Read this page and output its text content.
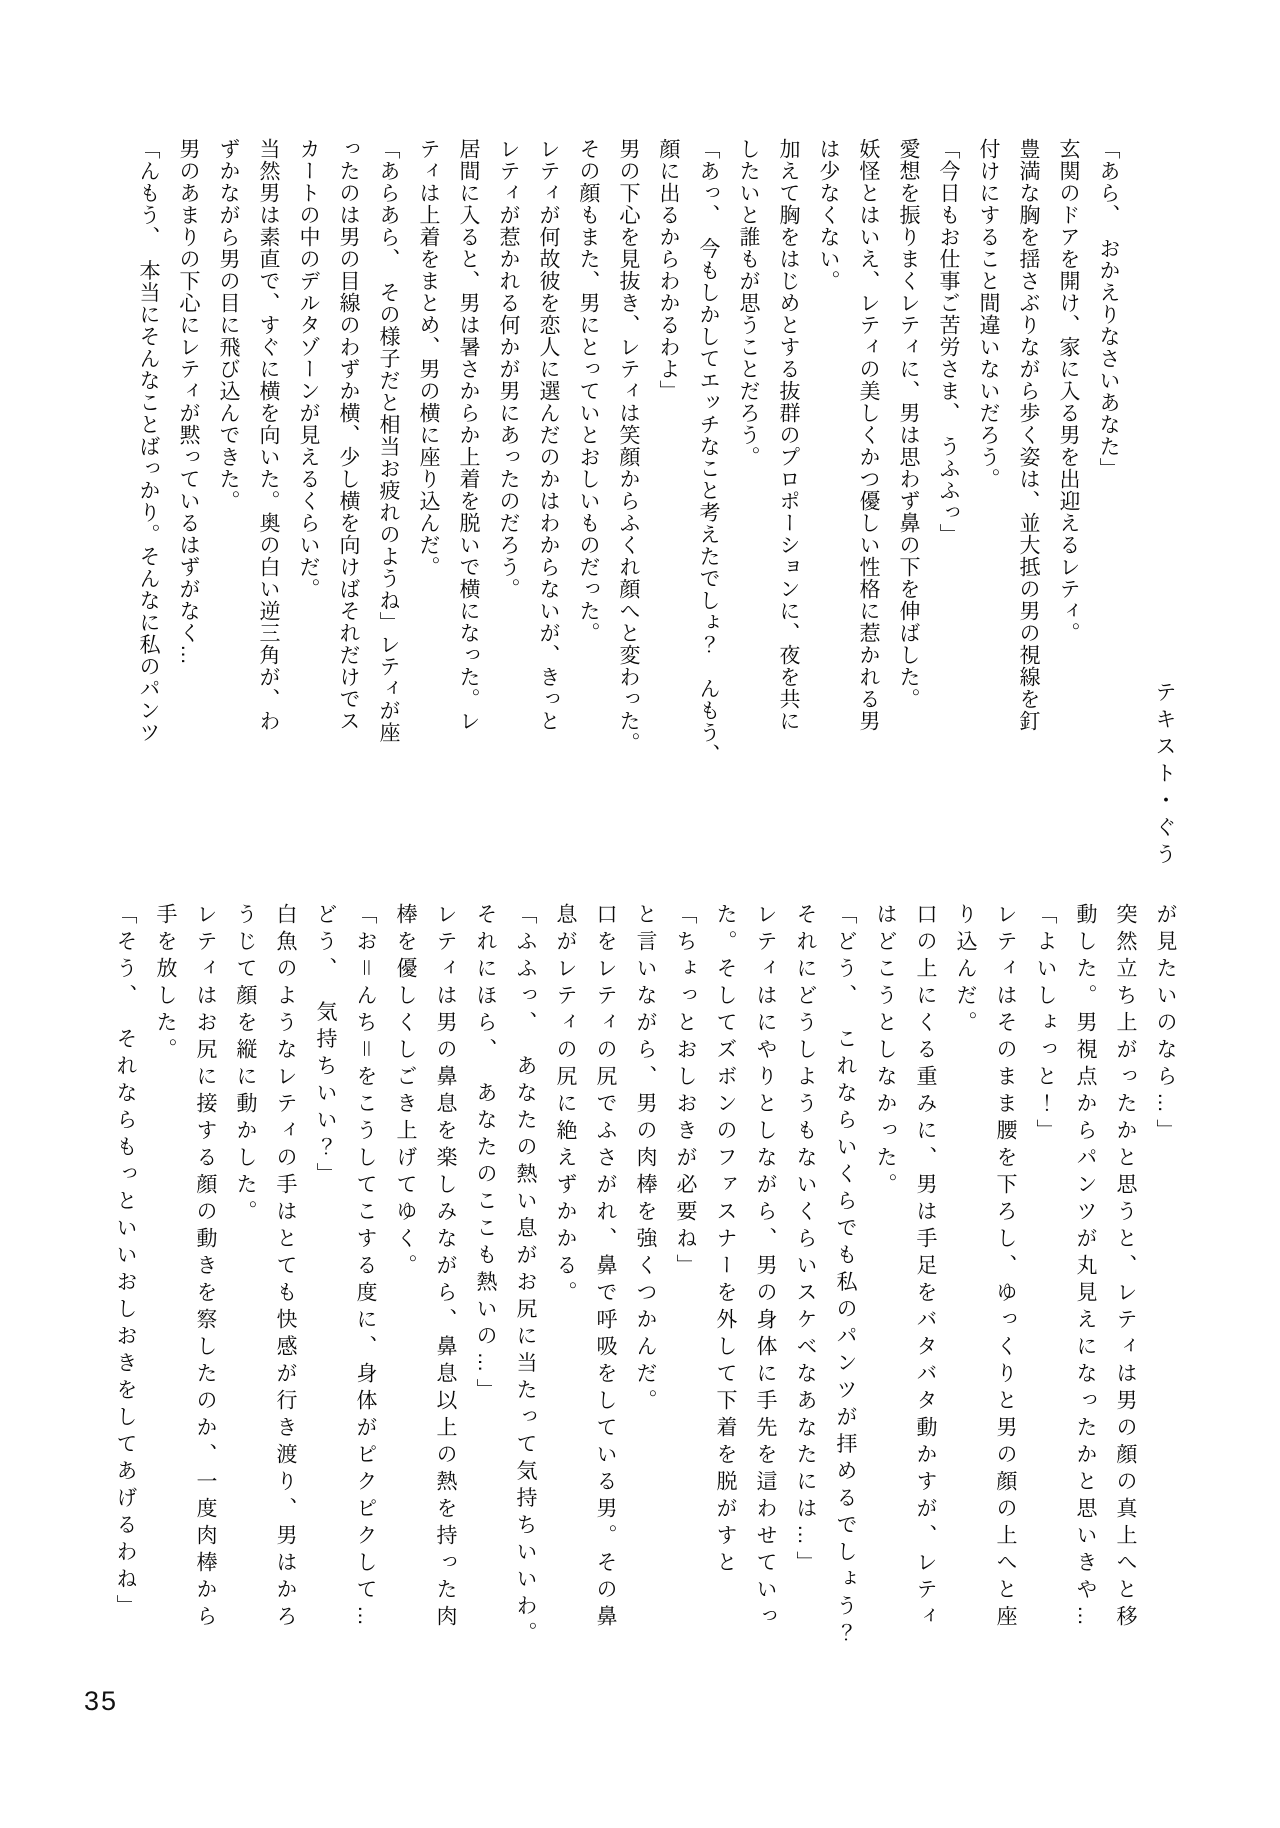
「あら、　おかえりなさいあなた」
玄関のドアを開け、家に入る男を出迎えるレティ。
豊満な胸を揺さぶりながら歩く姿は、並大抵の男の視線を釘
付けにすること間違いないだろう。
「今日もお仕事ご苦労さま、　うふふっ」
愛想を振りまくレティに、男は思わず鼻の下を伸ばした。
妖怪とはいえ、レティの美しくかつ優しい性格に惹かれる男
は少なくない。
加えて胸をはじめとする抜群のプロポーションに、夜を共に
したいと誰もが思うことだろう。
「あっ、　今もしかしてエッチなこと考えたでしょ？　んもう、
顔に出るからわかるわよ」
男の下心を見抜き、レティは笑顔からふくれ顔へと変わった。
その顔もまた、男にとっていとおしいものだった。
レティが何故彼を恋人に選んだのかはわからないが、きっと
レティが惹かれる何かが男にあったのだろう。
居間に入ると、男は暑さからか上着を脱いで横になった。レ
ティは上着をまとめ、男の横に座り込んだ。
「あらあら、　その様子だと相当お疲れのようね」レティが座
ったのは男の目線のわずか横、少し横を向けばそれだけでス
カートの中のデルタゾーンが見えるくらいだ。
当然男は素直で、すぐに横を向いた。奥の白い逆三角が、わ
ずかながら男の目に飛び込んできた。
男のあまりの下心にレティが黙っているはずがなく…
「んもう、　本当にそんなことばっかり。そんなに私のパンツ
テキスト・ぐう
が見たいのなら…」
突然立ち上がったかと思うと、レティは男の顔の真上へと移
動した。男視点からパンツが丸見えになったかと思いきや…
「よいしょっと！」
レティはそのまま腰を下ろし、ゆっくりと男の顔の上へと座
り込んだ。
口の上にくる重みに、男は手足をバタバタ動かすが、レティ
はどこうとしなかった。
「どう、　これならいくらでも私のパンツが拝めるでしょう？
それにどうしようもないくらいスケベなあなたには…」
レティはにやりとしながら、男の身体に手先を這わせていっ
た。そしてズボンのファスナーを外して下着を脱がすと
「ちょっとおしおきが必要ね」
と言いながら、男の肉棒を強くつかんだ。
口をレティの尻でふさがれ、鼻で呼吸をしている男。その鼻
息がレティの尻に絶えずかかる。
「ふふっ、　あなたの熱い息がお尻に当たって気持ちいいわ。
それにほら、　あなたのここも熱いの…」
レティは男の鼻息を楽しみながら、鼻息以上の熱を持った肉
棒を優しくしごき上げてゆく。
「お＝んち＝をこうしてこする度に、身体がピクピクして…
どう、　気持ちいい？」
白魚のようなレティの手はとても快感が行き渡り、男はかろ
うじて顔を縦に動かした。
レティはお尻に接する顔の動きを察したのか、一度肉棒から
手を放した。
「そう、　それならもっといいおしおきをしてあげるわね」
35
